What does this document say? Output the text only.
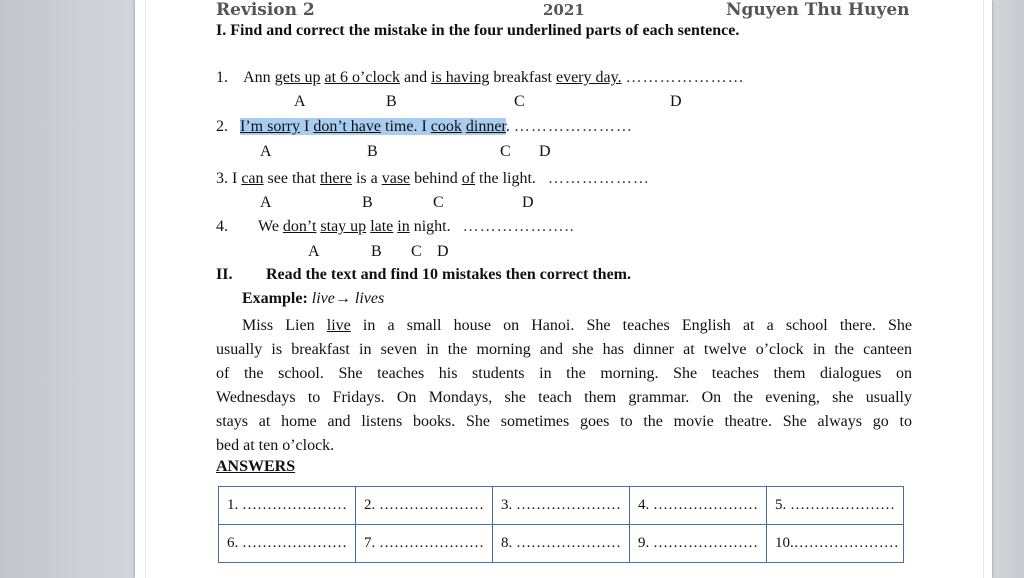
Revision 2	2021	Nguyen Thu Huyen
I. Find and correct the mistake in the four underlined parts of each sentence.
1. Ann gets up at 6 o’clock and is having breakfast every day. …………………
A	B	C	D
2. I’m sorry I don’t have time. I cook dinner. …………………
A	B	C D
3. I can see that there is a vase behind of the light. ………………
A	B	C	D
4. We don’t stay up late in night. ………………..
A	B C D
II. Read the text and find 10 mistakes then correct them.
Example: live→ lives
Miss Lien live in a small house on Hanoi. She teaches English at a school there. She
usually is breakfast in seven in the morning and she has dinner at twelve o’clock in the canteen
of the school. She teaches his students in the morning. She teaches them dialogues on
Wednesdays to Fridays. On Mondays, she teach them grammar. On the evening, she usually
stays at home and listens books. She sometimes goes to the movie theatre. She always go to
bed at ten o’clock.
ANSWERS
1. …………………	2. …………………	3. …………………	4. …………………	5. …………………
6. …………………	7. …………………	8. …………………	9. …………………	10.…………………
